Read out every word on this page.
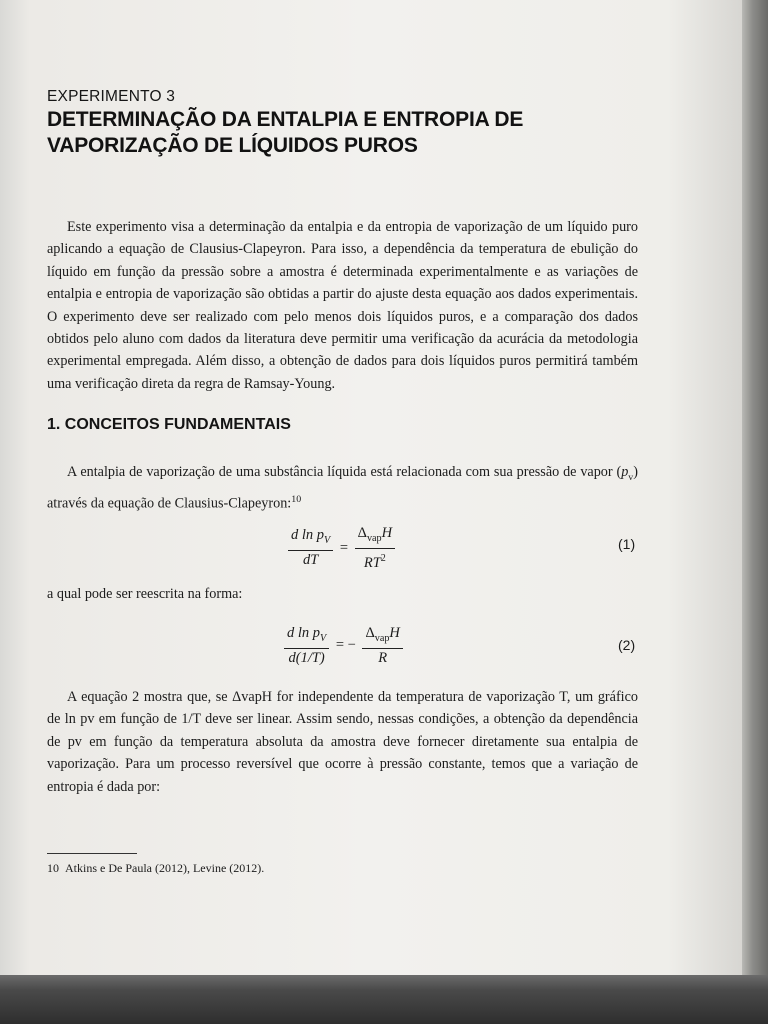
EXPERIMENTO 3
DETERMINAÇÃO DA ENTALPIA E ENTROPIA DE
VAPORIZAÇÃO DE LÍQUIDOS PUROS

Este experimento visa a determinação da entalpia e da entropia de vaporização de um líquido puro aplicando a equação de Clausius-Clapeyron. Para isso, a dependência da temperatura de ebulição do líquido em função da pressão sobre a amostra é determinada experimentalmente e as variações de entalpia e entropia de vaporização são obtidas a partir do ajuste desta equação aos dados experimentais. O experimento deve ser realizado com pelo menos dois líquidos puros, e a comparação dos dados obtidos pelo aluno com dados da literatura deve permitir uma verificação da acurácia da metodologia experimental empregada. Além disso, a obtenção de dados para dois líquidos puros permitirá também uma verificação direta da regra de Ramsay-Young.

1. CONCEITOS FUNDAMENTAIS

A entalpia de vaporização de uma substância líquida está relacionada com sua pressão de vapor $(p_v)$ através da equação de Clausius-Clapeyron:$^{10}$

$\frac{d \ln p_V}{dT} = \frac{\Delta_{vap}H}{RT^2}$	(1)

a qual pode ser reescrita na forma:

$\frac{d \ln p_V}{d(1/T)}$ = − $\frac{\Delta_{vap}H}{R}$	(2)

A equação 2 mostra que, se ΔvapH for independente da temperatura de vaporização T, um gráfico de ln pv em função de 1/T deve ser linear. Assim sendo, nessas condições, a obtenção da dependência de pv em função da temperatura absoluta da amostra deve fornecer diretamente sua entalpia de vaporização. Para um processo reversível que ocorre à pressão constante, temos que a variação de entropia é dada por:

10 Atkins e De Paula (2012), Levine (2012).
